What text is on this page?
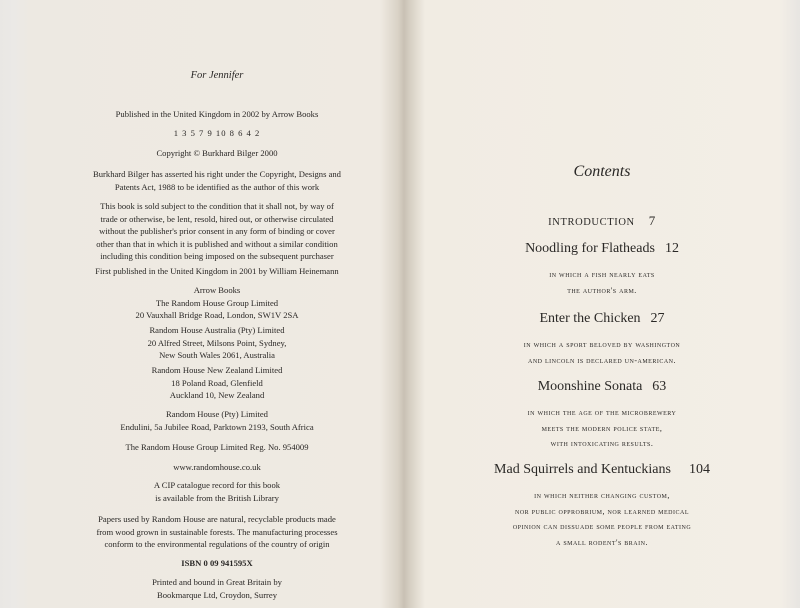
For Jennifer

Published in the United Kingdom in 2002 by Arrow Books

1 3 5 7 9 10 8 6 4 2

Copyright © Burkhard Bilger 2000

Burkhard Bilger has asserted his right under the Copyright, Designs and
Patents Act, 1988 to be identified as the author of this work
This book is sold subject to the condition that it shall not, by way of
trade or otherwise, be lent, resold, hired out, or otherwise circulated
without the publisher's prior consent in any form of binding or cover
other than that in which it is published and without a similar condition
including this condition being imposed on the subsequent purchaser

First published in the United Kingdom in 2001 by William Heinemann

Arrow Books
The Random House Group Limited
20 Vauxhall Bridge Road, London, SW1V 2SA
Random House Australia (Pty) Limited
20 Alfred Street, Milsons Point, Sydney,
New South Wales 2061, Australia
Random House New Zealand Limited
18 Poland Road, Glenfield
Auckland 10, New Zealand
Random House (Pty) Limited
Endulini, 5a Jubilee Road, Parktown 2193, South Africa

The Random House Group Limited Reg. No. 954009

www.randomhouse.co.uk

A CIP catalogue record for this book
is available from the British Library
Papers used by Random House are natural, recyclable products made
from wood grown in sustainable forests. The manufacturing processes
conform to the environmental regulations of the country of origin

ISBN 0 09 941595X

Printed and bound in Great Britain by
Bookmarque Ltd, Croydon, Surrey
Contents
INTRODUCTION 7

Noodling for Flatheads 12

in which a fish nearly eats
the author's arm.

Enter the Chicken 27

in which a sport beloved by washington
and lincoln is declared un-american.

Moonshine Sonata 63

in which the age of the microbrewery
meets the modern police state,
with intoxicating results.

Mad Squirrels and Kentuckians 104

in which neither changing custom,
nor public opprobrium, nor learned medical
opinion can dissuade some people from eating
a small rodent's brain.
